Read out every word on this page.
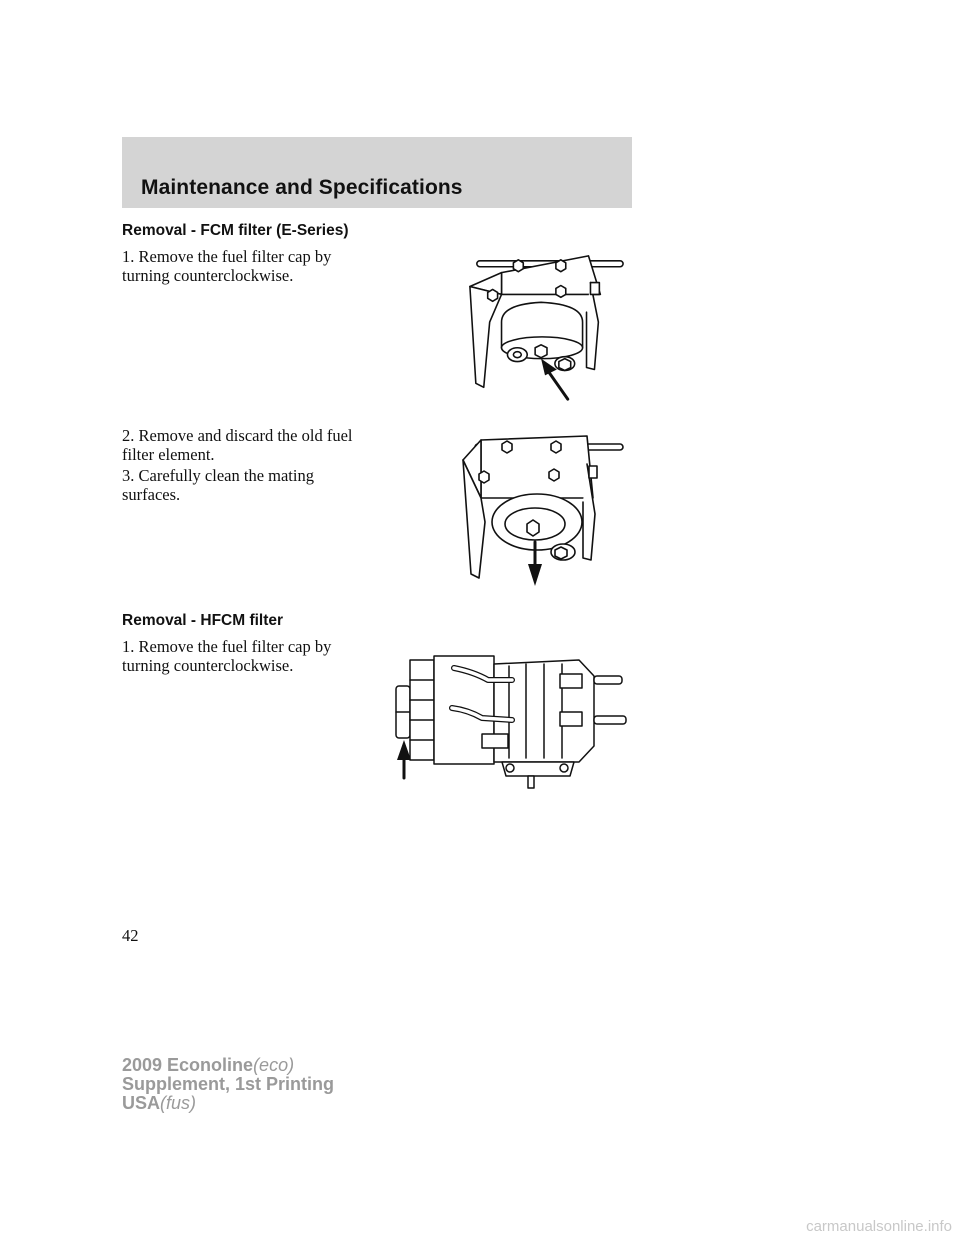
Maintenance and Specifications
Removal - FCM filter (E-Series)

1. Remove the fuel filter cap by turning counterclockwise.

2. Remove and discard the old fuel filter element.

3. Carefully clean the mating surfaces.

Removal - HFCM filter

1. Remove the fuel filter cap by turning counterclockwise.

42

2009 Econoline(eco)
Supplement, 1st Printing
USA(fus)
carmanualsonline.info
